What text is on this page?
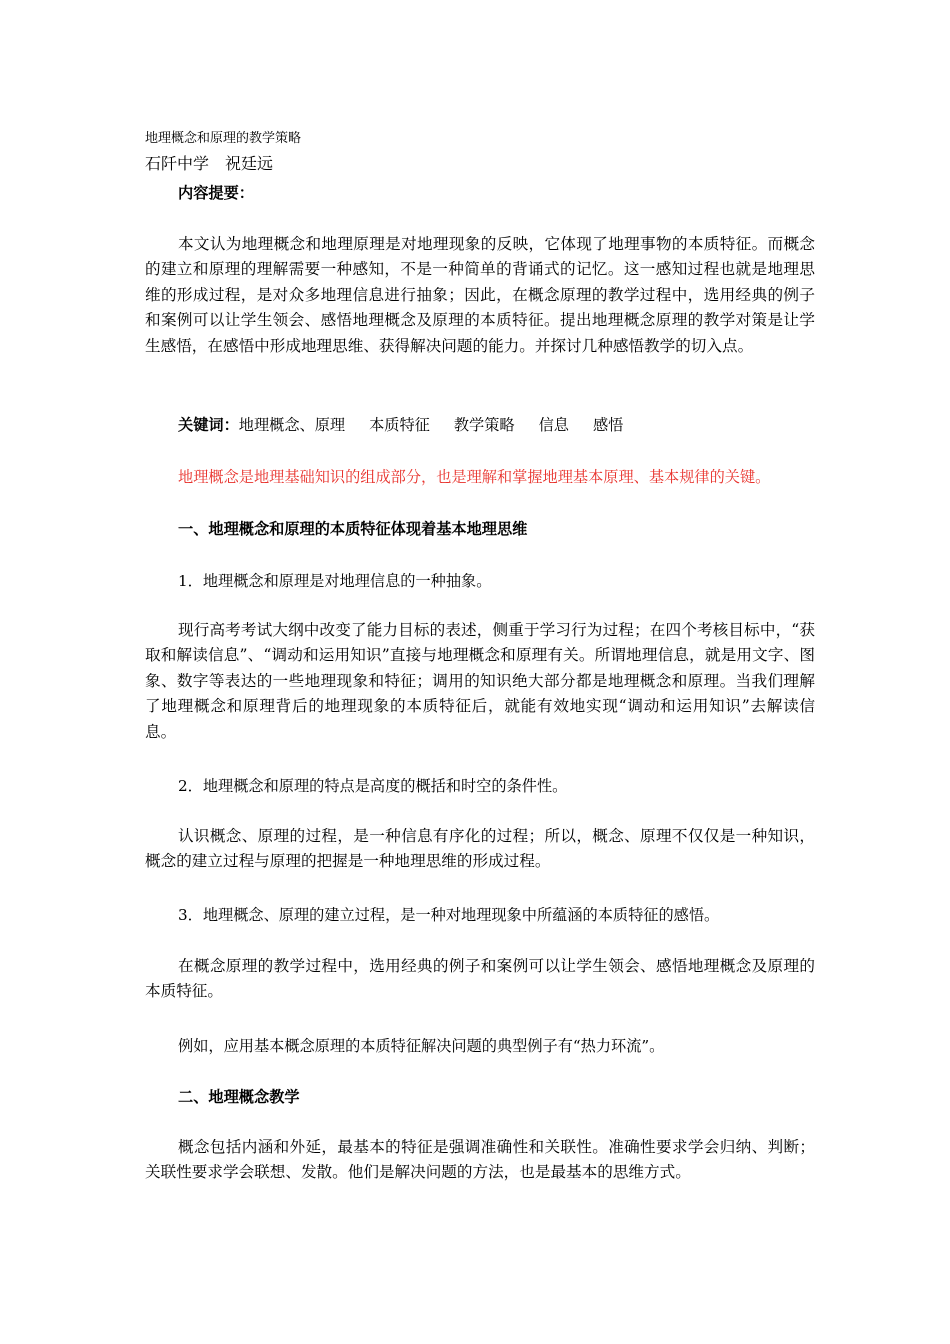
地理概念和原理的教学策略
石阡中学　祝廷远
内容提要：
本文认为地理概念和地理原理是对地理现象的反映，它体现了地理事物的本质特征。而概念的建立和原理的理解需要一种感知，不是一种简单的背诵式的记忆。这一感知过程也就是地理思维的形成过程，是对众多地理信息进行抽象；因此，在概念原理的教学过程中，选用经典的例子和案例可以让学生领会、感悟地理概念及原理的本质特征。提出地理概念原理的教学对策是让学生感悟，在感悟中形成地理思维、获得解决问题的能力。并探讨几种感悟教学的切入点。
关键词：地理概念、原理 本质特征 教学策略 信息 感悟
地理概念是地理基础知识的组成部分，也是理解和掌握地理基本原理、基本规律的关键。
一、地理概念和原理的本质特征体现着基本地理思维
1．地理概念和原理是对地理信息的一种抽象。
现行高考考试大纲中改变了能力目标的表述，侧重于学习行为过程；在四个考核目标中，“获取和解读信息”、“调动和运用知识”直接与地理概念和原理有关。所谓地理信息，就是用文字、图象、数字等表达的一些地理现象和特征；调用的知识绝大部分都是地理概念和原理。当我们理解了地理概念和原理背后的地理现象的本质特征后，就能有效地实现“调动和运用知识”去解读信息。
2．地理概念和原理的特点是高度的概括和时空的条件性。
认识概念、原理的过程，是一种信息有序化的过程；所以，概念、原理不仅仅是一种知识，概念的建立过程与原理的把握是一种地理思维的形成过程。
3．地理概念、原理的建立过程，是一种对地理现象中所蕴涵的本质特征的感悟。
在概念原理的教学过程中，选用经典的例子和案例可以让学生领会、感悟地理概念及原理的本质特征。
例如，应用基本概念原理的本质特征解决问题的典型例子有“热力环流”。
二、地理概念教学
概念包括内涵和外延，最基本的特征是强调准确性和关联性。准确性要求学会归纳、判断；关联性要求学会联想、发散。他们是解决问题的方法，也是最基本的思维方式。
